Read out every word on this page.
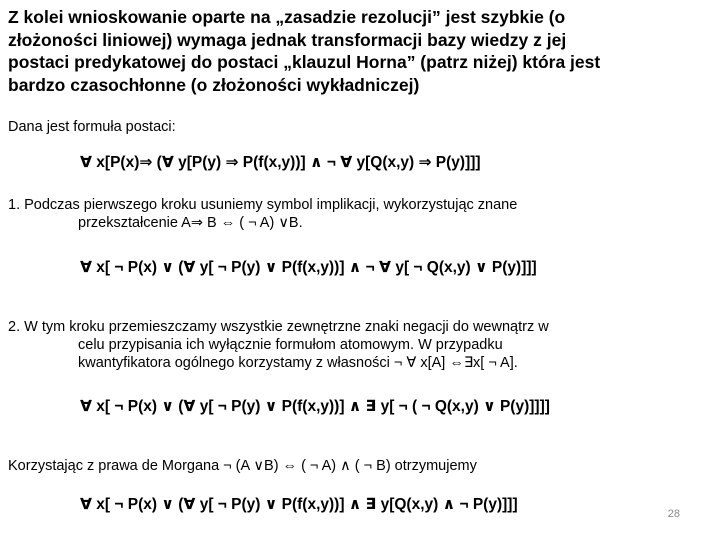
Z kolei wnioskowanie oparte na „zasadzie rezolucji” jest szybkie (o
złożoności liniowej) wymaga jednak transformacji bazy wiedzy z jej
postaci predykatowej do postaci „klauzul Horna” (patrz niżej) która jest
bardzo czasochłonne (o złożoności wykładniczej)
Dana jest formuła postaci:
∀ x[P(x)⇒ (∀ y[P(y) ⇒ P(f(x,y))] ∧ ¬ ∀ y[Q(x,y) ⇒ P(y)]]]
1. Podczas pierwszego kroku usuniemy symbol implikacji, wykorzystując znane
przekształcenie A⇒ B ⇔ ( ¬ A) ∨B.
∀ x[ ¬ P(x) ∨ (∀ y[ ¬ P(y) ∨ P(f(x,y))] ∧ ¬ ∀ y[ ¬ Q(x,y) ∨ P(y)]]]
2. W tym kroku przemieszczamy wszystkie zewnętrzne znaki negacji do wewnątrz w
celu przypisania ich wyłącznie formułom atomowym. W przypadku
kwantyfikatora ogólnego korzystamy z własności ¬ ∀ x[A] ⇔∃x[ ¬ A].
∀ x[ ¬ P(x) ∨ (∀ y[ ¬ P(y) ∨ P(f(x,y))] ∧ ∃ y[ ¬ ( ¬ Q(x,y) ∨ P(y)]]]]
Korzystając z prawa de Morgana ¬ (A ∨B) ⇔ ( ¬ A) ∧ ( ¬ B) otrzymujemy
∀ x[ ¬ P(x) ∨ (∀ y[ ¬ P(y) ∨ P(f(x,y))] ∧ ∃ y[Q(x,y) ∧ ¬ P(y)]]]
28
